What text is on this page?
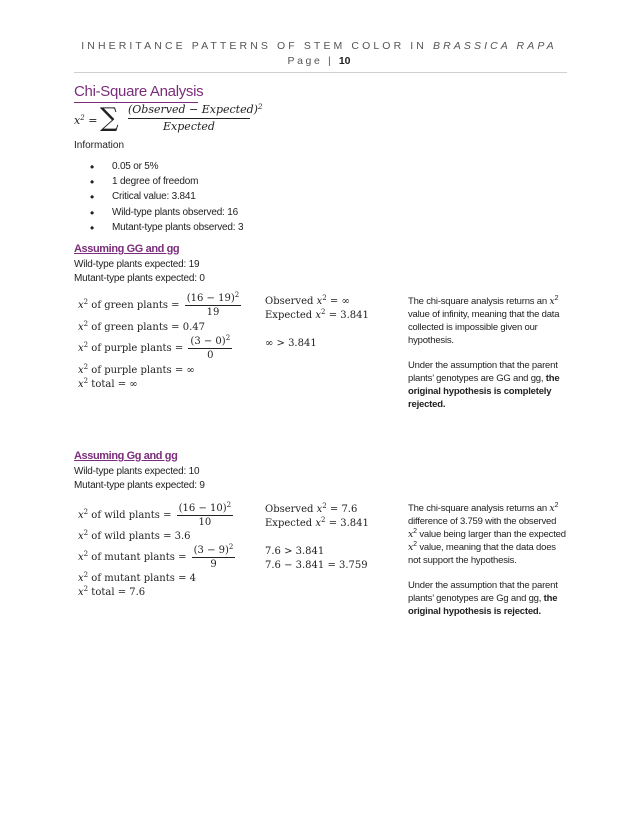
INHERITANCE PATTERNS OF STEM COLOR IN BRASSICA RAPA
Page | 10
Chi-Square Analysis
$x^2$ = ∑ (Observed − Expected)$^2$
Expected
Information
• 0.05 or 5%
• 1 degree of freedom
• Critical value: 3.841
• Wild-type plants observed: 16
• Mutant-type plants observed: 3
Assuming GG and gg
Wild-type plants expected: 19
Mutant-type plants expected: 0
$x^2$ of green plants = $\frac{(16 - 19)^2}{19}$
$x^2$ of green plants = 0.47
$x^2$ of purple plants = $\frac{(3 - 0)^2}{0}$
$x^2$ of purple plants = ∞
$x^2$ total = ∞
Observed $x^2$ = ∞
Expected $x^2 = 3.841$
∞ > 3.841

The chi-square analysis returns an $x^2$ value of infinity, meaning that the data collected is impossible given our hypothesis.

Under the assumption that the parent plants’ genotypes are GG and gg, the original hypothesis is completely rejected.

Assuming Gg and gg
Wild-type plants expected: 10
Mutant-type plants expected: 9
$x^2$ of wild plants = $\frac{(16 - 10)^2}{10}$
$x^2$ of wild plants = 3.6
$x^2$ of mutant plants = $\frac{(3 - 9)^2}{9}$
$x^2$ of mutant plants = 4
$x^2$ total = 7.6
Observed $x^2 = 7.6$
Expected $x^2 = 3.841$
7.6 > 3.841
7.6 − 3.841 = 3.759

The chi-square analysis returns an $x^2$ difference of 3.759 with the observed $x^2$ value being larger than the expected $x^2$ value, meaning that the data does not support the hypothesis.

Under the assumption that the parent plants’ genotypes are Gg and gg, the original hypothesis is rejected.
